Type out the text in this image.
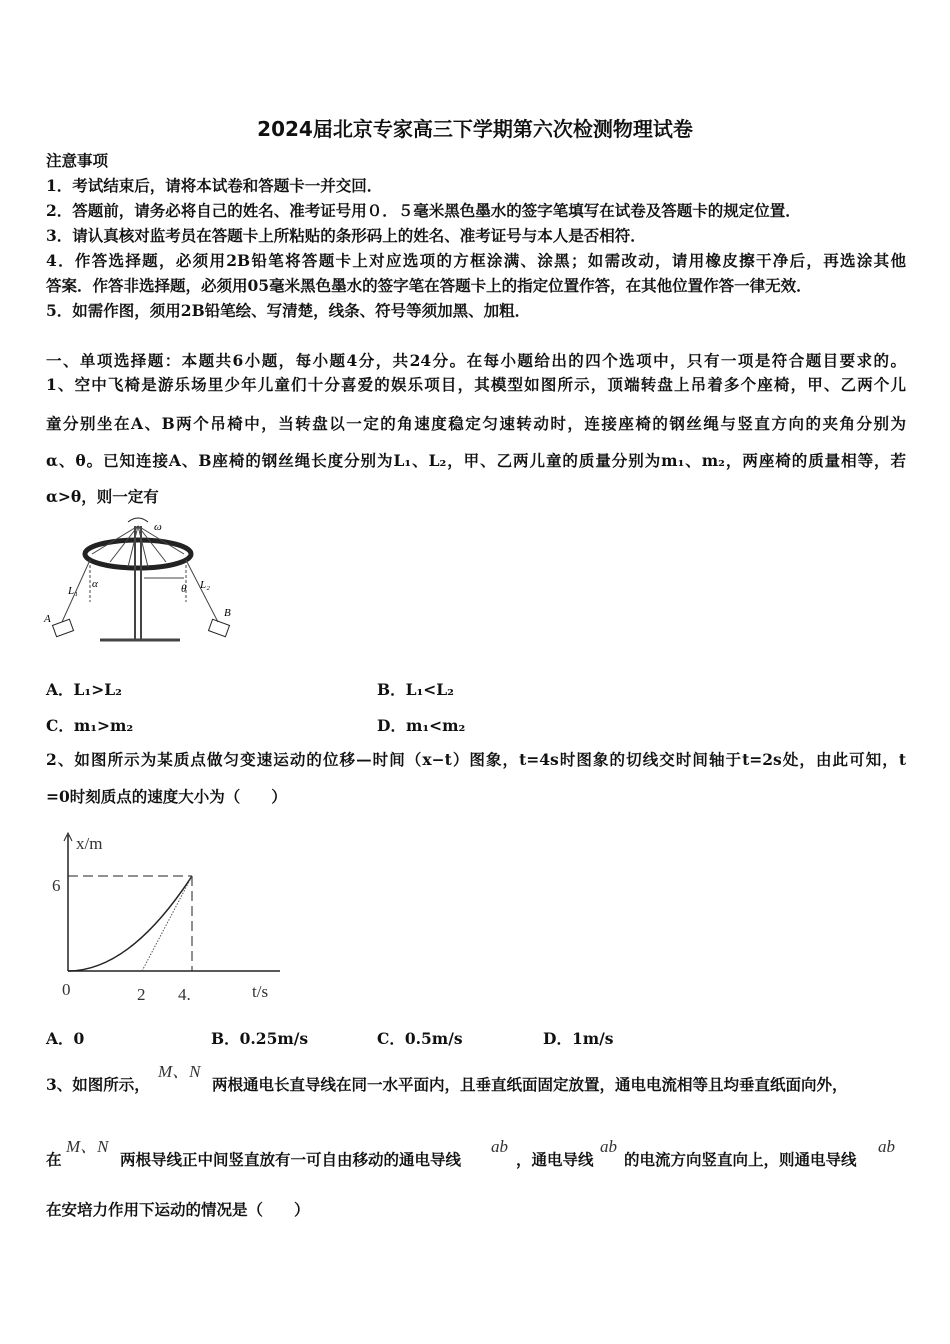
2024届北京专家高三下学期第六次检测物理试卷
注意事项
1．考试结束后，请将本试卷和答题卡一并交回．
2．答题前，请务必将自己的姓名、准考证号用０．５毫米黑色墨水的签字笔填写在试卷及答题卡的规定位置．
3．请认真核对监考员在答题卡上所粘贴的条形码上的姓名、准考证号与本人是否相符．
4．作答选择题，必须用2B铅笔将答题卡上对应选项的方框涂满、涂黑；如需改动，请用橡皮擦干净后，再选涂其他
答案．作答非选择题，必须用05毫米黑色墨水的签字笔在答题卡上的指定位置作答，在其他位置作答一律无效．
5．如需作图，须用2B铅笔绘、写清楚，线条、符号等须加黑、加粗．
一、单项选择题：本题共6小题，每小题4分，共24分。在每小题给出的四个选项中，只有一项是符合题目要求的。
1、空中飞椅是游乐场里少年儿童们十分喜爱的娱乐项目，其模型如图所示，顶端转盘上吊着多个座椅，甲、乙两个儿
童分别坐在A、B两个吊椅中，当转盘以一定的角速度稳定匀速转动时，连接座椅的钢丝绳与竖直方向的夹角分别为
α、θ。已知连接A、B座椅的钢丝绳长度分别为L₁、L₂，甲、乙两儿童的质量分别为m₁、m₂，两座椅的质量相等，若
α>θ，则一定有
ω
α	θ
L₁	L₂
A	B
A．L₁>L₂	B．L₁<L₂
C．m₁>m₂	D．m₁<m₂
2、如图所示为某质点做匀变速运动的位移—时间（x−t）图象，t=4s时图象的切线交时间轴于t=2s处，由此可知，t
=0时刻质点的速度大小为（　　）
x/m
6
0	2 4.	t/s
A．0	B．0.25m/s	C．0.5m/s	D．1m/s
3、如图所示，
M、N
两根通电长直导线在同一水平面内，且垂直纸面固定放置，通电电流相等且均垂直纸面向外，
在
M、N
两根导线正中间竖直放有一可自由移动的通电导线
ab
，通电导线
ab
的电流方向竖直向上，则通电导线
ab
在安培力作用下运动的情况是（　　）
